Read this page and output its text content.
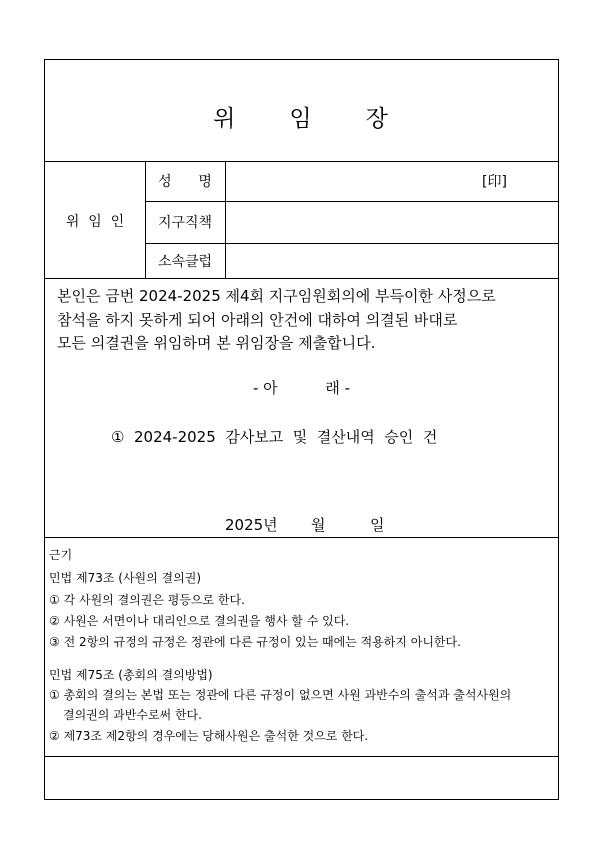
위 임 장
위  임  인
성      명	[印]
지구직책
소속클럽
본인은 금번 2024-2025 제4회 지구임원회의에 부득이한 사정으로
참석을 하지 못하게 되어 아래의 안건에 대하여 의결된 바대로
모든 의결권을 위임하며 본 위임장을 제출합니다.
- 아          래 -
①  2024-2025  감사보고  및  결산내역  승인  건
2025년 월	일
근기
민법 제73조 (사원의 결의권)
① 각 사원의 결의권은 평등으로 한다.
② 사원은 서면이나 대리인으로 결의권을 행사 할 수 있다.
③ 전 2항의 규정의 규정은 정관에 다른 규정이 있는 때에는 적용하지 아니한다.
민법 제75조 (총회의 결의방법)
① 총회의 결의는 본법 또는 정관에 다른 규정이 없으면 사원 과반수의 출석과 출석사원의
결의권의 과반수로써 한다.
② 제73조 제2항의 경우에는 당해사원은 출석한 것으로 한다.
